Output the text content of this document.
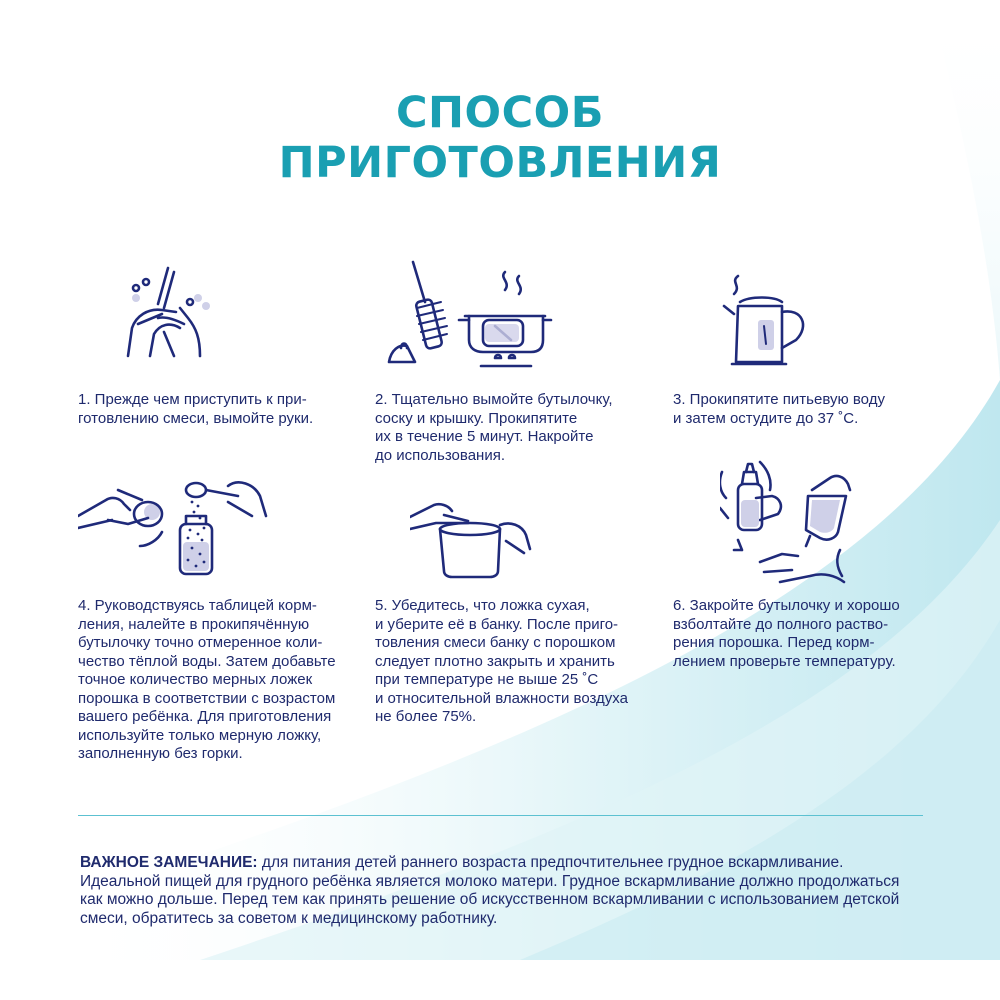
СПОСОБ
ПРИГОТОВЛЕНИЯ
1. Прежде чем приступить к при-
готовлению смеси, вымойте руки.
2. Тщательно вымойте бутылочку,
соску и крышку. Прокипятите
их в течение 5 минут. Накройте
до использования.
3. Прокипятите питьевую воду
и затем остудите до 37 ˚С.
4. Руководствуясь таблицей корм-
ления, налейте в прокипячённую
бутылочку точно отмеренное коли-
чество тёплой воды. Затем добавьте
точное количество мерных ложек
порошка в соответствии с возрастом
вашего ребёнка. Для приготовления
используйте только мерную ложку,
заполненную без горки.
5. Убедитесь, что ложка сухая,
и уберите её в банку. После приго-
товления смеси банку с порошком
следует плотно закрыть и хранить
при температуре не выше 25 ˚С
и относительной влажности воздуха
не более 75%.
6. Закройте бутылочку и хорошо
взболтайте до полного раство-
рения порошка. Перед корм-
лением проверьте температуру.
ВАЖНОЕ ЗАМЕЧАНИЕ: для питания детей раннего возраста предпочтительнее грудное вскармливание.
Идеальной пищей для грудного ребёнка является молоко матери. Грудное вскармливание должно продолжаться
как можно дольше. Перед тем как принять решение об искусственном вскармливании с использованием детской
смеси, обратитесь за советом к медицинскому работнику.
